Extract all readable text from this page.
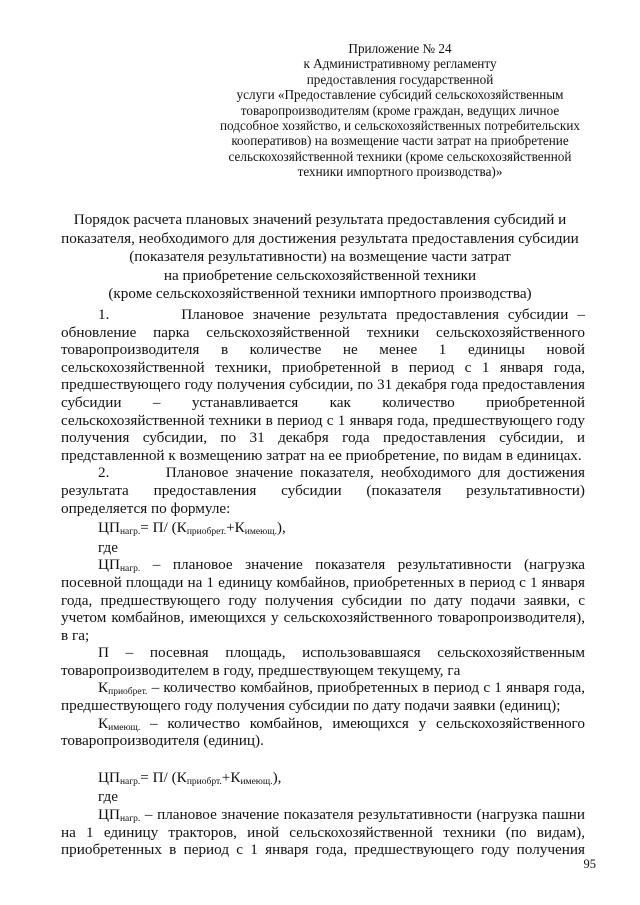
Приложение № 24
к Административному регламенту
предоставления государственной
услуги «Предоставление субсидий сельскохозяйственным
товаропроизводителям (кроме граждан, ведущих личное
подсобное хозяйство, и сельскохозяйственных потребительских
кооперативов) на возмещение части затрат на приобретение
сельскохозяйственной техники (кроме сельскохозяйственной
техники импортного производства)»
Порядок расчета плановых значений результата предоставления субсидий и
показателя, необходимого для достижения результата предоставления субсидии
(показателя результативности) на возмещение части затрат
на приобретение сельскохозяйственной техники
(кроме сельскохозяйственной техники импортного производства)

1.        Плановое значение результата предоставления субсидии – обновление парка сельскохозяйственной техники сельскохозяйственного товаропроизводителя в количестве не менее 1 единицы новой сельскохозяйственной техники, приобретенной в период с 1 января года, предшествующего году получения субсидии, по 31 декабря года предоставления субсидии – устанавливается как количество приобретенной сельскохозяйственной техники в период с 1 января года, предшествующего году получения субсидии, по 31 декабря года предоставления субсидии, и представленной к возмещению затрат на ее приобретение, по видам в единицах.

2.        Плановое значение показателя, необходимого для достижения результата предоставления субсидии (показателя результативности) определяется по формуле:

$ЦП_{нагр.}= П/$ $(К_{приобрет.}+К_{имеющ.})$,

где

$ЦП_{нагр.}$ – плановое значение показателя результативности (нагрузка посевной площади на 1 единицу комбайнов, приобретенных в период с 1 января года, предшествующего году получения субсидии по дату подачи заявки, с учетом комбайнов, имеющихся у сельскохозяйственного товаропроизводителя), в га;

П – посевная площадь, использовавшаяся сельскохозяйственным товаропроизводителем в году, предшествующем текущему, га

$К_{приобрет.}$ – количество комбайнов, приобретенных в период с 1 января года, предшествующего году получения субсидии по дату подачи заявки (единиц);

$К_{имеющ.}$ – количество комбайнов, имеющихся у сельскохозяйственного товаропроизводителя (единиц).

$ЦП_{нагр.}= П/$ $(К_{приобрт.}+К_{имеющ.})$,

где

$ЦП_{нагр.}$ – плановое значение показателя результативности (нагрузка пашни на 1 единицу тракторов, иной сельскохозяйственной техники (по видам), приобретенных в период с 1 января года, предшествующего году получения

95
